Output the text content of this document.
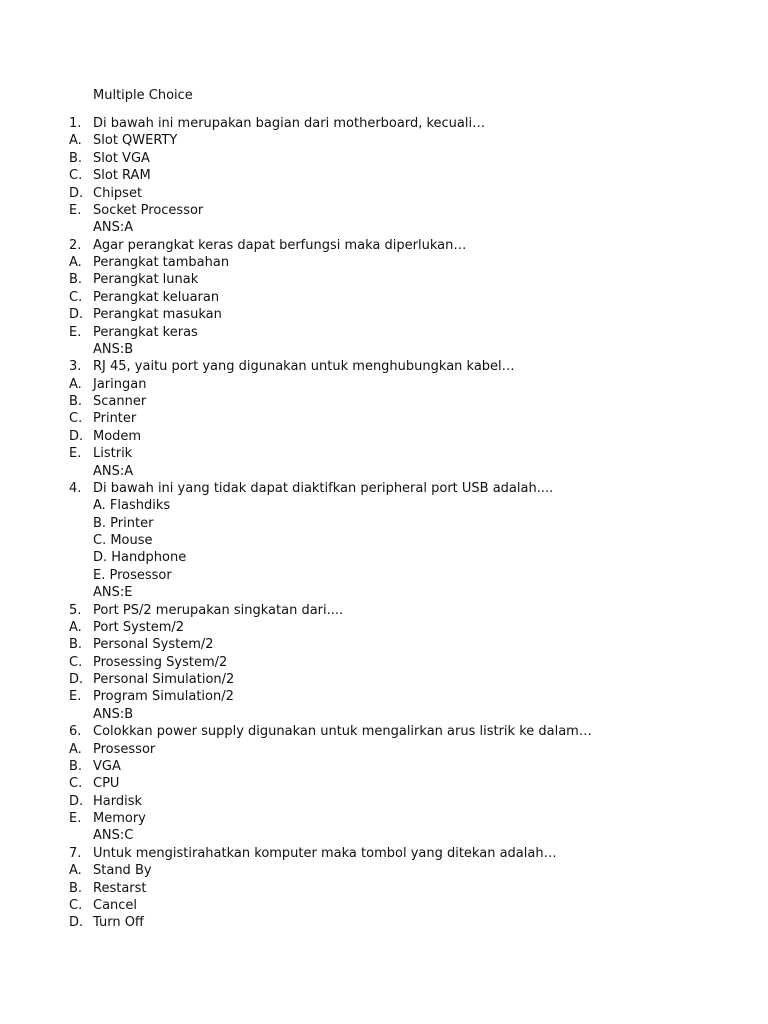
Multiple Choice
1. Di bawah ini merupakan bagian dari motherboard, kecuali…
A. Slot QWERTY
B. Slot VGA
C. Slot RAM
D. Chipset
E. Socket Processor
ANS:A
2. Agar perangkat keras dapat berfungsi maka diperlukan…
A. Perangkat tambahan
B. Perangkat lunak
C. Perangkat keluaran
D. Perangkat masukan
E. Perangkat keras
ANS:B
3. RJ 45, yaitu port yang digunakan untuk menghubungkan kabel…
A. Jaringan
B. Scanner
C. Printer
D. Modem
E. Listrik
ANS:A
4. Di bawah ini yang tidak dapat diaktifkan peripheral port USB adalah....
A. Flashdiks
B. Printer
C. Mouse
D. Handphone
E. Prosessor
ANS:E
5. Port PS/2 merupakan singkatan dari....
A. Port System/2
B. Personal System/2
C. Prosessing System/2
D. Personal Simulation/2
E. Program Simulation/2
ANS:B
6. Colokkan power supply digunakan untuk mengalirkan arus listrik ke dalam…
A. Prosessor
B. VGA
C. CPU
D. Hardisk
E. Memory
ANS:C
7. Untuk mengistirahatkan komputer maka tombol yang ditekan adalah…
A. Stand By
B. Restarst
C. Cancel
D. Turn Off
